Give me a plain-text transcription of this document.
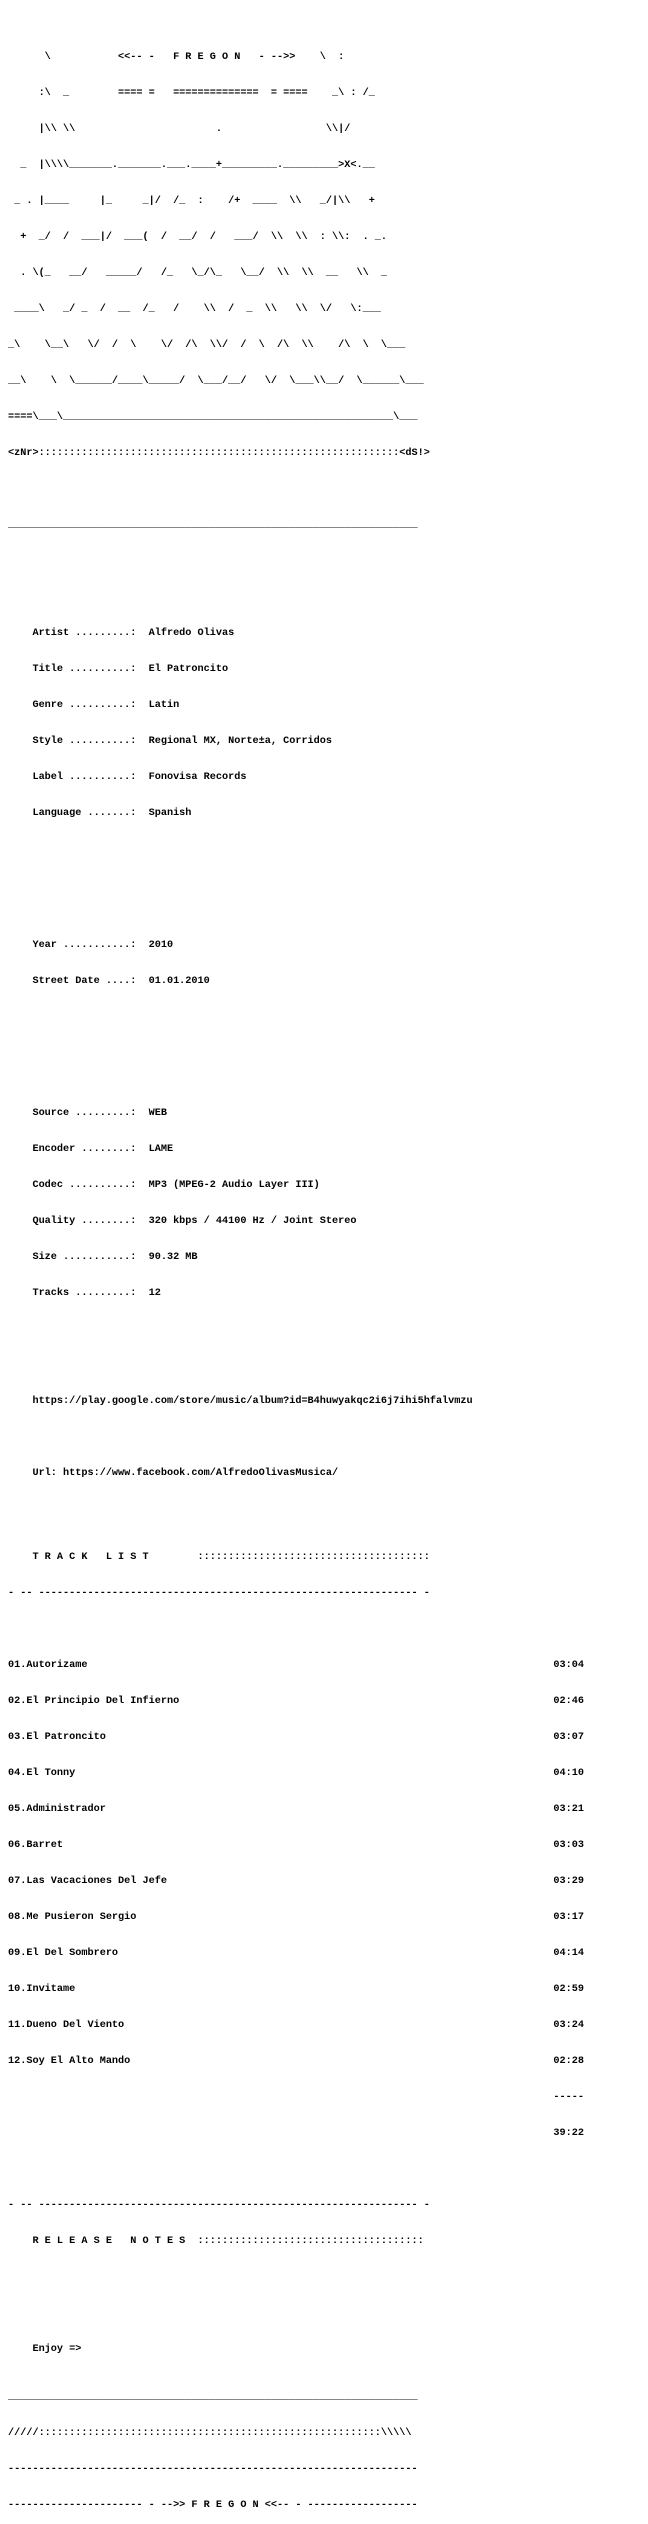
\           <<-- -   F R E G O N   - -->>    \  :

:\  _        ==== =   ==============  = ====    _\ : /_

|\\ \\                       .                 \\|/

_  |\\\\_______._______.___.____+_________._________>X<.__

_ . |____     |_     _|/  /_  :    /+  ____  \\   _/|\\   +

+  _/  /  ___|/  ___(  /  __/  /   ___/  \\  \\  : \\:  . _.

. \(_   __/   _____/   /_   \_/\_   \__/  \\  \\  __   \\  _

____\   _/ _  /  __  /_   /    \\  /  _  \\   \\  \/   \:___

_\    \__\   \/  /  \    \/  /\  \\/  /  \  /\  \\    /\  \  \___

__\    \  \______/____\_____/  \___/__/   \/  \___\\__/  \______\___

====\___\______________________________________________________\___

<zNr>:::::::::::::::::::::::::::::::::::::::::::::::::::::::::::<dS!>

___________________________________________________________________

Artist .........:  Alfredo Olivas

Title ..........:  El Patroncito

Genre ..........:  Latin

Style ..........:  Regional MX, Norte±a, Corridos

Label ..........:  Fonovisa Records

Language .......:  Spanish

Year ...........:  2010

Street Date ....:  01.01.2010

Source .........:  WEB

Encoder ........:  LAME

Codec ..........:  MP3 (MPEG-2 Audio Layer III)

Quality ........:  320 kbps / 44100 Hz / Joint Stereo

Size ...........:  90.32 MB

Tracks .........:  12

https://play.google.com/store/music/album?id=B4huwyakqc2i6j7ihi5hfalvmzu

Url: https://www.facebook.com/AlfredoOlivasMusica/

T R A C K   L I S T        ::::::::::::::::::::::::::::::::::::::

- -- -------------------------------------------------------------- -

01.Autorizame	03:04

02.El Principio Del Infierno	02:46

03.El Patroncito	03:07

04.El Tonny	04:10

05.Administrador	03:21

06.Barret	03:03

07.Las Vacaciones Del Jefe	03:29

08.Me Pusieron Sergio	03:17

09.El Del Sombrero	04:14

10.Invitame	02:59

11.Dueno Del Viento	03:24

12.Soy El Alto Mando	02:28

-----

39:22

- -- -------------------------------------------------------------- -

R E L E A S E   N O T E S  :::::::::::::::::::::::::::::::::::::

Enjoy =>

___________________________________________________________________

/////::::::::::::::::::::::::::::::::::::::::::::::::::::::::\\\\\

-------------------------------------------------------------------

---------------------- - -->> F R E G O N <<-- - ------------------
